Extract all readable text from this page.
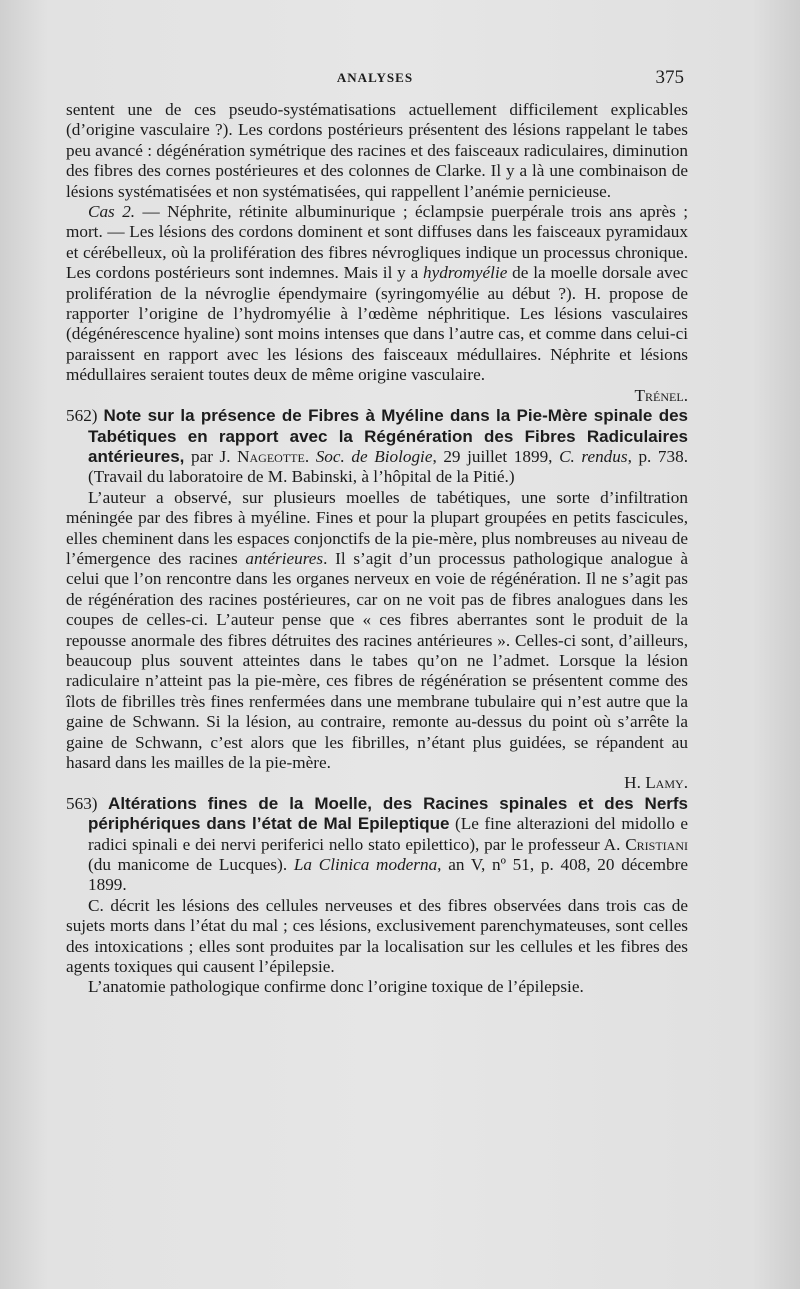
ANALYSES	375

sentent une de ces pseudo-systématisations actuellement difficilement explicables (d’origine vasculaire ?). Les cordons postérieurs présentent des lésions rappelant le tabes peu avancé : dégénération symétrique des racines et des faisceaux radiculaires, diminution des fibres des cornes postérieures et des colonnes de Clarke. Il y a là une combinaison de lésions systématisées et non systématisées, qui rappellent l’anémie pernicieuse.

Cas 2. — Néphrite, rétinite albuminurique ; éclampsie puerpérale trois ans après ; mort. — Les lésions des cordons dominent et sont diffuses dans les faisceaux pyramidaux et cérébelleux, où la prolifération des fibres névrogliques indique un processus chronique. Les cordons postérieurs sont indemnes. Mais il y a hydromyélie de la moelle dorsale avec prolifération de la névroglie épendymaire (syringomyélie au début ?). H. propose de rapporter l’origine de l’hydromyélie à l’œdème néphritique. Les lésions vasculaires (dégénérescence hyaline) sont moins intenses que dans l’autre cas, et comme dans celui-ci paraissent en rapport avec les lésions des faisceaux médullaires. Néphrite et lésions médullaires seraient toutes deux de même origine vasculaire.

Trénel.

562) Note sur la présence de Fibres à Myéline dans la Pie-Mère spinale des Tabétiques en rapport avec la Régénération des Fibres Radiculaires antérieures, par J. Nageotte. Soc. de Biologie, 29 juillet 1899, C. rendus, p. 738. (Travail du laboratoire de M. Babinski, à l’hôpital de la Pitié.)

L’auteur a observé, sur plusieurs moelles de tabétiques, une sorte d’infiltration méningée par des fibres à myéline. Fines et pour la plupart groupées en petits fascicules, elles cheminent dans les espaces conjonctifs de la pie-mère, plus nombreuses au niveau de l’émergence des racines antérieures. Il s’agit d’un processus pathologique analogue à celui que l’on rencontre dans les organes nerveux en voie de régénération. Il ne s’agit pas de régénération des racines postérieures, car on ne voit pas de fibres analogues dans les coupes de celles-ci. L’auteur pense que « ces fibres aberrantes sont le produit de la repousse anormale des fibres détruites des racines antérieures ». Celles-ci sont, d’ailleurs, beaucoup plus souvent atteintes dans le tabes qu’on ne l’admet. Lorsque la lésion radiculaire n’atteint pas la pie-mère, ces fibres de régénération se présentent comme des îlots de fibrilles très fines renfermées dans une membrane tubulaire qui n’est autre que la gaine de Schwann. Si la lésion, au contraire, remonte au-dessus du point où s’arrête la gaine de Schwann, c’est alors que les fibrilles, n’étant plus guidées, se répandent au hasard dans les mailles de la pie-mère.

H. Lamy.

563) Altérations fines de la Moelle, des Racines spinales et des Nerfs périphériques dans l’état de Mal Epileptique (Le fine alterazioni del midollo e radici spinali e dei nervi periferici nello stato epilettico), par le professeur A. Cristiani (du manicome de Lucques). La Clinica moderna, an V, nº 51, p. 408, 20 décembre 1899.

C. décrit les lésions des cellules nerveuses et des fibres observées dans trois cas de sujets morts dans l’état du mal ; ces lésions, exclusivement parenchymateuses, sont celles des intoxications ; elles sont produites par la localisation sur les cellules et les fibres des agents toxiques qui causent l’épilepsie.

L’anatomie pathologique confirme donc l’origine toxique de l’épilepsie.
